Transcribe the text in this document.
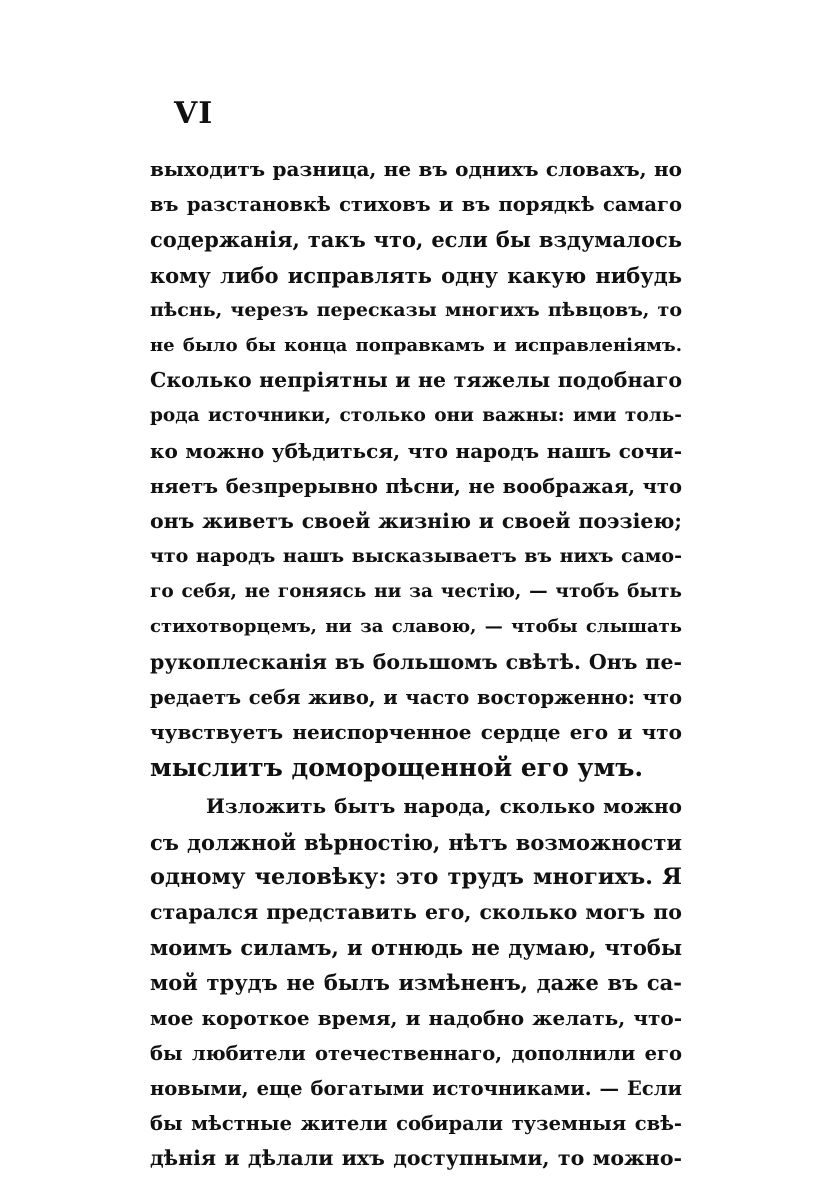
VI
выходитъ разница, не въ однихъ словахъ, но
въ разстановкѣ стиховъ и въ порядкѣ самаго
содержанія, такъ что, если бы вздумалось
кому либо исправлять одну какую нибудь
пѣснь, черезъ пересказы многихъ пѣвцовъ, то
не было бы конца поправкамъ и исправленіямъ.
Сколько непріятны и не тяжелы подобнаго
рода источники, столько они важны: ими толь-
ко можно убѣдиться, что народъ нашъ сочи-
няетъ безпрерывно пѣсни, не воображая, что
онъ живетъ своей жизнію и своей поэзіею;
что народъ нашъ высказываетъ въ нихъ само-
го себя, не гоняясь ни за честію, — чтобъ быть
стихотворцемъ, ни за славою, — чтобы слышать
рукоплесканія въ большомъ свѣтѣ. Онъ пе-
редаетъ себя живо, и часто восторженно: что
чувствуетъ неиспорченное сердце его и что
мыслитъ доморощенной его умъ.
Изложить бытъ народа, сколько можно
съ должной вѣрностію, нѣтъ возможности
одному человѣку: это трудъ многихъ. Я
старался представить его, сколько могъ по
моимъ силамъ, и отнюдь не думаю, чтобы
мой трудъ не былъ измѣненъ, даже въ са-
мое короткое время, и надобно желать, что-
бы любители отечественнаго, дополнили его
новыми, еще богатыми источниками. — Если
бы мѣстные жители собирали туземныя свѣ-
дѣнія и дѣлали ихъ доступными, то можно-
